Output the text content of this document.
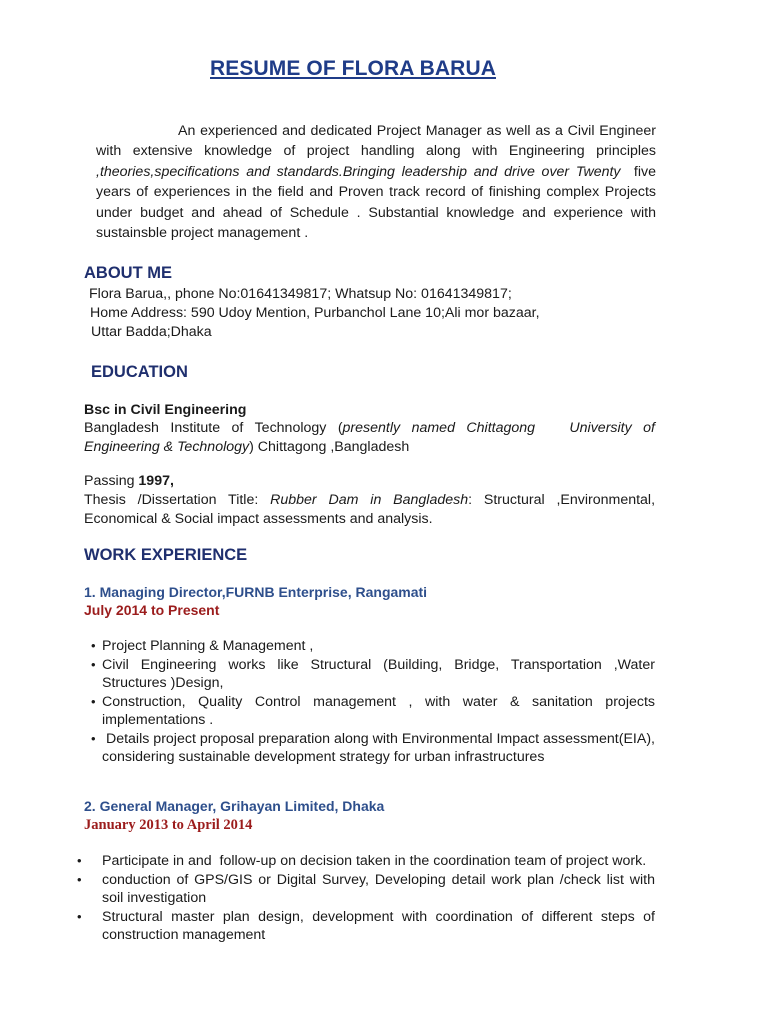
RESUME OF FLORA BARUA
An experienced and dedicated Project Manager as well as a Civil Engineer with extensive knowledge of project handling along with Engineering principles ,theories,specifications and standards.Bringing leadership and drive over Twenty  five years of experiences in the field and Proven track record of finishing complex Projects under budget and ahead of Schedule . Substantial knowledge and experience with sustainsble project management .
ABOUT ME
Flora Barua,, phone No:01641349817; Whatsup No: 01641349817;
Home Address: 590 Udoy Mention, Purbanchol Lane 10;Ali mor bazaar,
Uttar Badda;Dhaka
EDUCATION
Bsc in Civil Engineering
Bangladesh Institute of Technology (presently named Chittagong   University of Engineering & Technology) Chittagong ,Bangladesh
Passing 1997,
Thesis /Dissertation Title: Rubber Dam in Bangladesh: Structural ,Environmental, Economical & Social impact assessments and analysis.
WORK EXPERIENCE
1. Managing Director,FURNB Enterprise, Rangamati
July 2014 to Present
• Project Planning & Management ,
• Civil Engineering works like Structural (Building, Bridge, Transportation ,Water Structures )Design,
• Construction, Quality Control management , with water & sanitation projects implementations .
• Details project proposal preparation along with Environmental Impact assessment(EIA), considering sustainable development strategy for urban infrastructures
2. General Manager, Grihayan Limited, Dhaka
January 2013 to April 2014
• Participate in and  follow-up on decision taken in the coordination team of project work.
• conduction of GPS/GIS or Digital Survey, Developing detail work plan /check list with soil investigation
• Structural master plan design, development with coordination of different steps of construction management
